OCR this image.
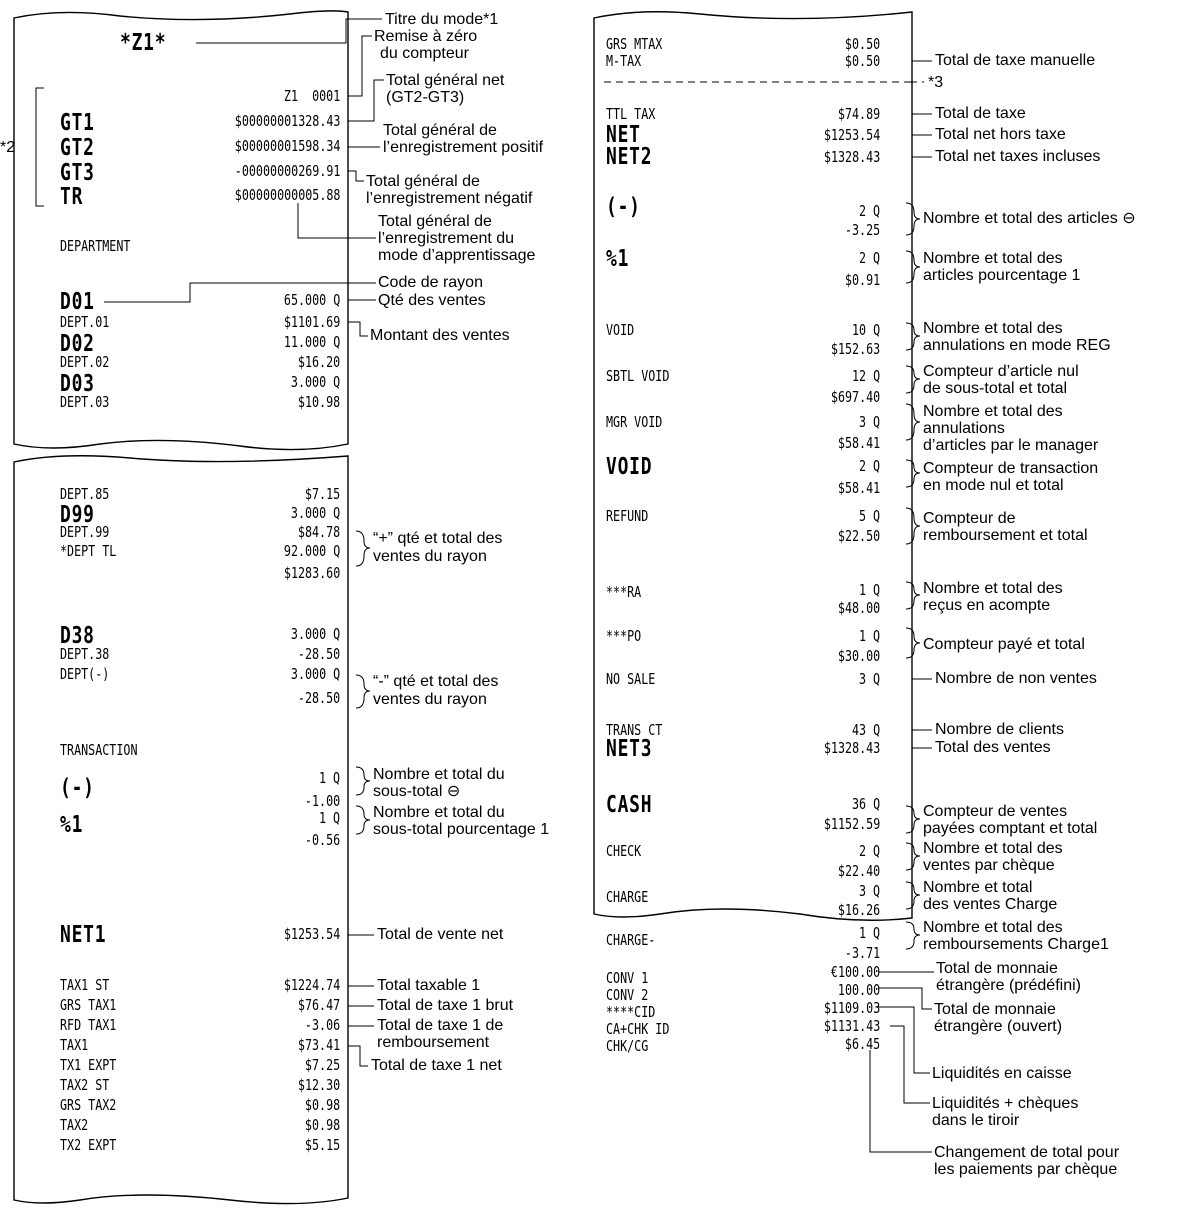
*Z1*
Z1  0001
GT1	$00000001328.43
GT2	$00000001598.34
GT3	-00000000269.91
TR	$00000000005.88
DEPARTMENT
D01	65.000 Q
DEPT.01	$1101.69
D02	11.000 Q
DEPT.02	$16.20
D03	3.000 Q
DEPT.03	$10.98
DEPT.85	$7.15
D99	3.000 Q
DEPT.99	$84.78
*DEPT TL	92.000 Q
$1283.60
D38	3.000 Q
DEPT.38	-28.50
DEPT(-)	3.000 Q
-28.50
TRANSACTION
(-)	1 Q
-1.00
%1	1 Q
-0.56
NET1	$1253.54
TAX1 ST	$1224.74
GRS TAX1	$76.47
RFD TAX1	-3.06
TAX1	$73.41
TX1 EXPT	$7.25
TAX2 ST	$12.30
GRS TAX2	$0.98
TAX2	$0.98
TX2 EXPT	$5.15
GRS MTAX	$0.50
M-TAX	$0.50
TTL TAX	$74.89
NET	$1253.54
NET2	$1328.43
(-)	2 Q
-3.25
%1	2 Q
$0.91
VOID	10 Q
$152.63
SBTL VOID	12 Q
$697.40
MGR VOID	3 Q
$58.41
VOID	2 Q
$58.41
REFUND	5 Q
$22.50
***RA	1 Q
$48.00
***PO	1 Q
$30.00
NO SALE	3 Q
TRANS CT	43 Q
NET3	$1328.43
CASH	36 Q
$1152.59
CHECK	2 Q
$22.40
CHARGE	3 Q
$16.26
CHARGE-	1 Q
-3.71
CONV 1	€100.00
CONV 2	100.00
****CID	$1109.03
CA+CHK ID	$1131.43
CHK/CG	$6.45
*2
Titre du mode*1
Remise à zéro
du compteur
Total général net
(GT2-GT3)
Total général de
l’enregistrement positif
Total général de
l’enregistrement négatif
Total général de
l’enregistrement du
mode d’apprentissage
Code de rayon
Qté des ventes
Montant des ventes
“+” qté et total des
ventes du rayon
“-” qté et total des
ventes du rayon
Nombre et total du
sous-total ⊖
Nombre et total du
sous-total pourcentage 1
Total de vente net
Total taxable 1
Total de taxe 1 brut
Total de taxe 1 de
remboursement
Total de taxe 1 net
Total de taxe manuelle
*3
Total de taxe
Total net hors taxe
Total net taxes incluses
Nombre et total des articles ⊖
Nombre et total des
articles pourcentage 1
Nombre et total des
annulations en mode REG
Compteur d’article nul
de sous-total et total
Nombre et total des
annulations
d’articles par le manager
Compteur de transaction
en mode nul et total
Compteur de
remboursement et total
Nombre et total des
reçus en acompte
Compteur payé et total
Nombre de non ventes
Nombre de clients
Total des ventes
Compteur de ventes
payées comptant et total
Nombre et total des
ventes par chèque
Nombre et total
des ventes Charge
Nombre et total des
remboursements Charge1
Total de monnaie
étrangère (prédéfini)
Total de monnaie
étrangère (ouvert)
Liquidités en caisse
Liquidités + chèques
dans le tiroir
Changement de total pour
les paiements par chèque
